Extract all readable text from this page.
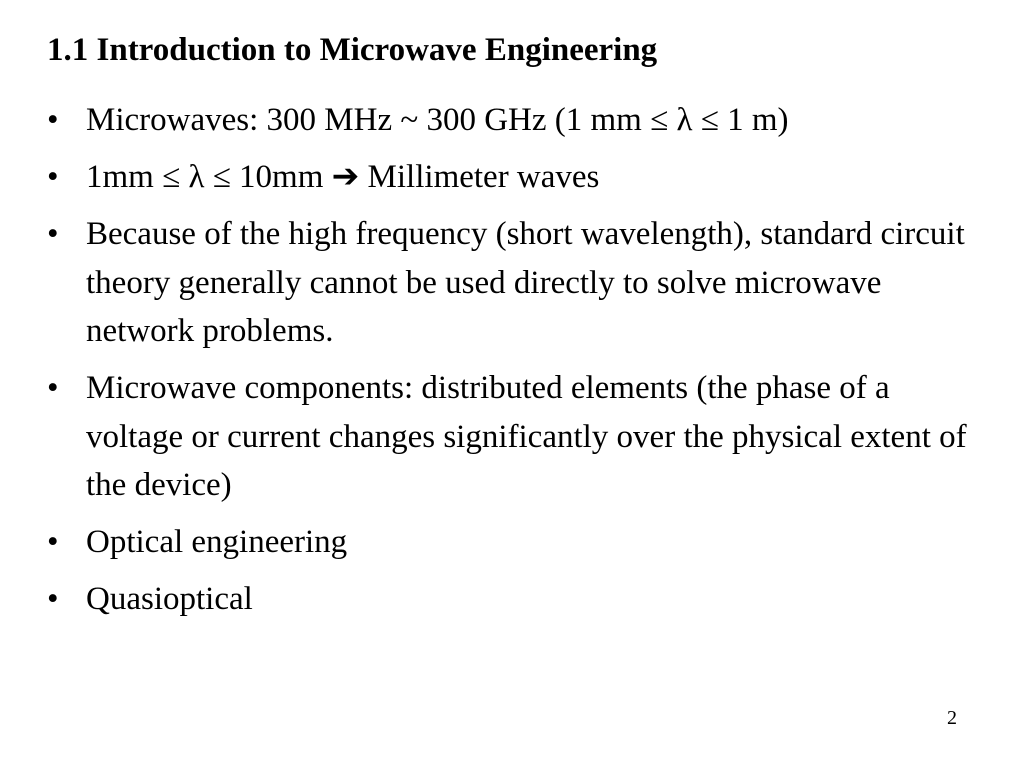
1.1 Introduction to Microwave Engineering
• Microwaves: 300 MHz ~ 300 GHz (1 mm ≤ λ ≤ 1 m)
• 1mm ≤ λ ≤ 10mm ➔ Millimeter waves
• Because of the high frequency (short wavelength), standard circuit theory generally cannot be used directly to solve microwave network problems.
• Microwave components: distributed elements (the phase of a voltage or current changes significantly over the physical extent of the device)
• Optical engineering
• Quasioptical
2
